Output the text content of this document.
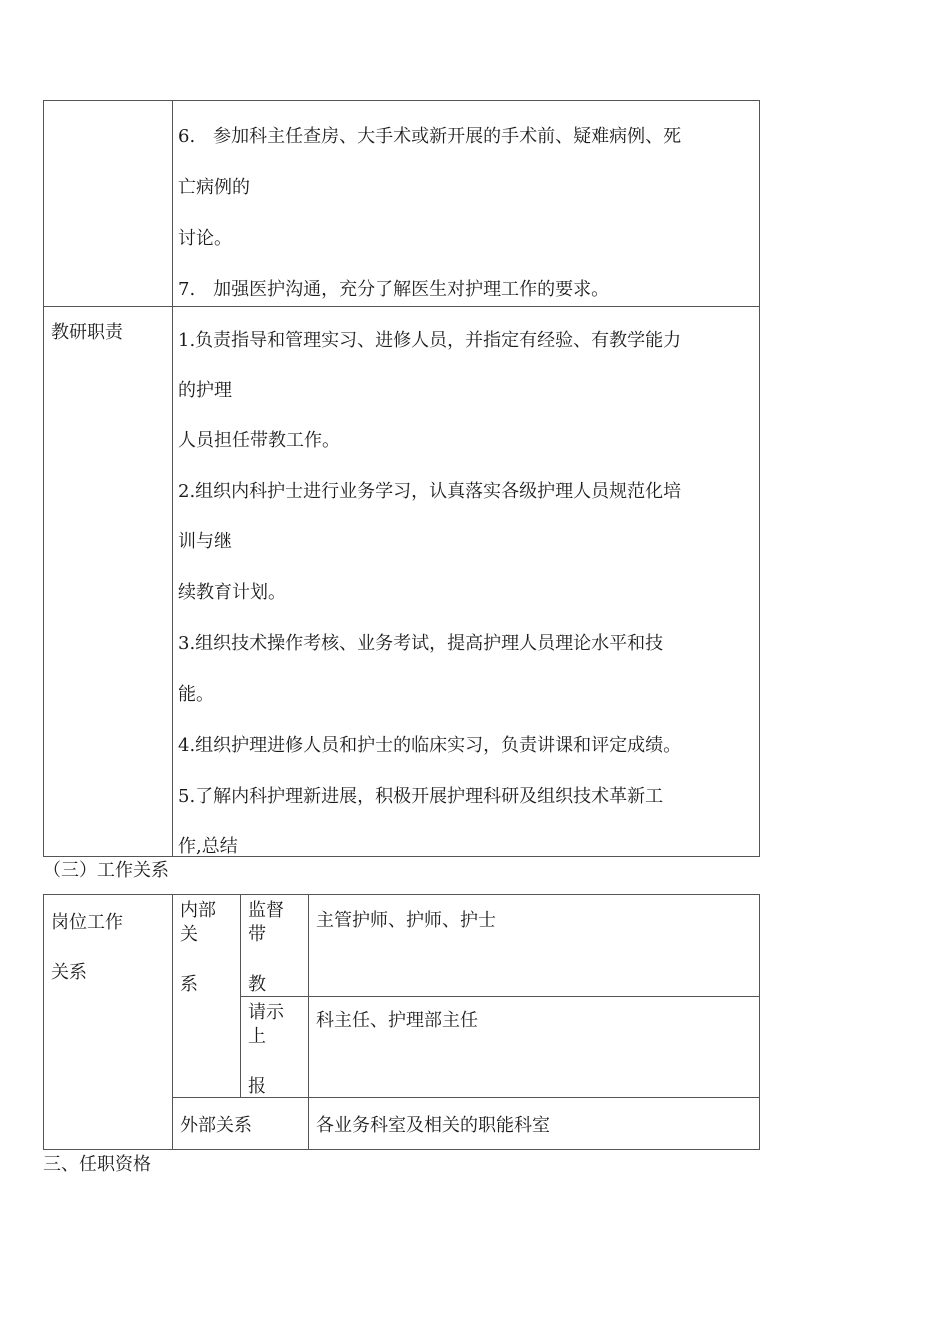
6.　参加科主任查房、大手术或新开展的手术前、疑难病例、死
亡病例的
讨论。
7.　加强医护沟通，充分了解医生对护理工作的要求。
教研职责	1.负责指导和管理实习、进修人员，并指定有经验、有教学能力
的护理
人员担任带教工作。
2.组织内科护士进行业务学习，认真落实各级护理人员规范化培
训与继
续教育计划。
3.组织技术操作考核、业务考试，提高护理人员理论水平和技
能。
4.组织护理进修人员和护士的临床实习，负责讲课和评定成绩。
5.了解内科护理新进展，积极开展护理科研及组织技术革新工
作,总结
（三）工作关系
岗位工作
关系
内部
关
系
监督
带
教
主管护师、护师、护士
请示
上
报
科主任、护理部主任
外部关系	各业务科室及相关的职能科室
三、任职资格
